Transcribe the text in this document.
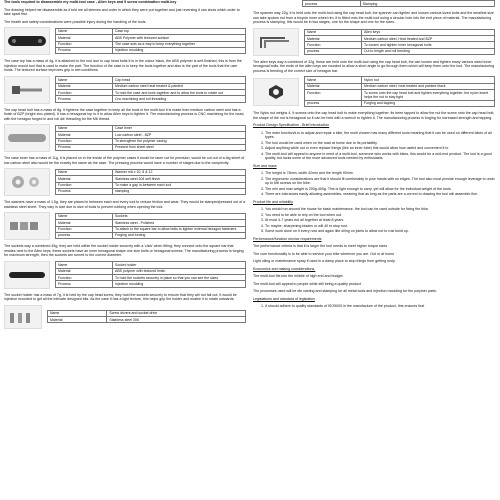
The tools required to disassemble my multi-tool case - Allen keys and 5 screw combination multi-key

The drawing helped me disassemble as it told me all sleeves and order in which they were put together and just reversing it can show which order to take apart first.

The health and safety considerations were possible injury during the handling of the tools.

Name	Case top
Material	ABS Polymer with textured surface
Function	The case acts as a way to keep everything together
Process	Injection moulding

The case top has a mass of 4g, it is attached to the tool due to cap head bolts.It is in the colour black, the ABS polymer is self-finished, this is from the injection mould tool that is used to make the part. The function of the case is to keep the tools together and also is the part of the tools that the user holds. The textured surface improves grip in wet conditions.

Name	Cap head
Material	Medium carbon steel heat treated & painted
Function	To hold the case and tools together and to allow the tools to rotate out
Process	Cnc machining and roll threading

The cap head bolt has a mass of 8g. It tightens the case together to keep all the tools in the multi-tool it is made from medium carbon steel and has a finish of BZP (bright zinc plated). It has a hexagonal top to it to allow Allen keys to tighten it. The manufacturing process is CNC machining for the head, with the hexagon forged in and roll die threading for the M6 thread.

Name	Case inner
Material	Low carbon steel - BZP
Function	To strengthen the polymer casing
Process	Pressed from sheet steel

The case inner has a mass of 11g, it is placed on in the inside of the polymer cases it would be laser cut for precision, would be cut out of a big sheet of low carbon steel also would be the exactly the same as the case. The pressing process would have a number of stages due to the complexity.

Name	Washer m6 x 10, 8 & 12
Material	Stainless steel 304 self finish
Function	To make a gap in-between each tool
Process	stamping

The washers have a mass of 1.5g, they are placed in between each and every tool to reduce friction and wear. They would be stamped/pressed out of a stainless steel sheet. They vary in size due to size of tools to prevent rubbing when opening the tool.

Name	Sockets
Material	Stainless steel - Polished
Function	To attach to the square bar to allow bolts to tighten external hexagon fasteners
process	Forging and turning

The sockets way a combined 45g, they are held within the socket holder securely with a 'click' when fitting, they connect onto the square bar that resides next to the Allen keys, these sockets have an inner hexagonal shape one size bolts or hexagonal screws. The manufacturing process is forging for maximum strength, then the sockets are turned to the correct diameter.

Name	Socket holder
Material	ABS polymer with textured finish
Function	To hold the sockets securely in place so that you can see the sizes
Process	Injection moulding

The socket holder has a mass of 7g, it is held by the cap head screw, they hold the sockets securely to ensure that they will not fall out. It would be injection moulded to get all the intricate designed bits. As the case it has a light texture, this helps grip the holder and enable it to rotate outwards.

Name	Screw drivers and socket drive
Material	Stainless steel 306
process	Stamping

The spanner way 22g. It is held onto the multi-tool using the cap head bolt, the spanner can tighten and loosen various sized bolts and the smallest size can take spokes nut from a bicycle inner wheel rim, it is fitted onto the multi-tool using a circular hole into the end piece of material. The manufacturing process is stamping, this would be in two stages, one for the shape and one for the sizes.

Name	Allen keys
Material	Medium carbon steel, Heat treated and BZP
Function	To loosen and tighten inner hexagonal bolts
process	Cut to length and roll bending

The allen keys way a combined of 32g, these are held onto the multi-tool using the cap head bolt, the can loosen and tighten many various sized inner hexagonal bolts, the ends of the allen keys are rounded to allow a short angle to go through them which will keep them onto the tool. The manufacturing process is bending of the correct size of hexagon bar.

Name	Nylon nut
Material	Medium carbon steel, heat treated and painted black
Function	To screw onto the cap head bolt and tighten everything together, the nylon insert helps the nut to stay tight
process	Forging and tapping

The Nyloc nut weighs 4. It screws onto the cap head bolt to make everything together. Its been tapped to allow the nut the screw onto the cap head bolt, the shape of the nut is hexagonal so it can be held with a wrench to tighten it. The manufacturing process is forging for increased strength and tapping.

Product Design Specification - Brief introduction

1. The main function/s is to adjust and repair a bike, the multi chosen has many different tools meaning that it can be used on different bikes of all types.
2. The tool would be used when on the road at home due to its portability.
3. Adjust anything while out or even replace things (like an inner tube) this would allow how useful and convenient it is.
4. The multi-tool will appeal to anyone in need of a multi-tool, someone who works with bikes, this would be a mid-end product. The tool is a good quality, but lacks some of the more advanced tools needed by enthusiasts.

Size and mass

1. The height is 78mm, width 42mm and the length 90mm.
2. The ergonomic considerations are that it should fit comfortably in your hands with no edges. The tool also must provide enough leverage to undo up to M6 screws on the bike.
3. The min and max weight is 200g-400g. This is light enough to carry, yet will allow for the individual weight of the tools.
4. There are tolerances easily allowing assemblies, meaning that as long as the parts are a correct to drawing the tool will assemble fine.

Product life and reliability

1. You would run around the house for basic maintenance, the tool can be used outside for fixing the bike.
2. You need to be able to rely on the tool when out.
3. At most 4-7 years but all together at least 8 years
4. To: maybe, sharpening blades or will 40 to stop rust.
5. Some work done on it every now and again like oiling on joints to allow not to rust build up.

Performance/function service requirements

The performance criteria is that it is larger the tool needs to meet higher torque sizes

The core functionality is to be able to service your bike wherever you are. Out or at home

Light oiling or maintenance spray if used in a damp place to stop things from getting rusty.

Economics and making considerations.

The multi-tool fits into the middle of high end and budget.

The multi-tool will appeal to people while still being a quality product

The processes used will be die casting and stamping for all metal tools and injection moulding for the polymer parts.

Legislations and standard of legislation

1. It should adhere to quality standards of ISO9000 in the manufacture of the product, this ensures that
